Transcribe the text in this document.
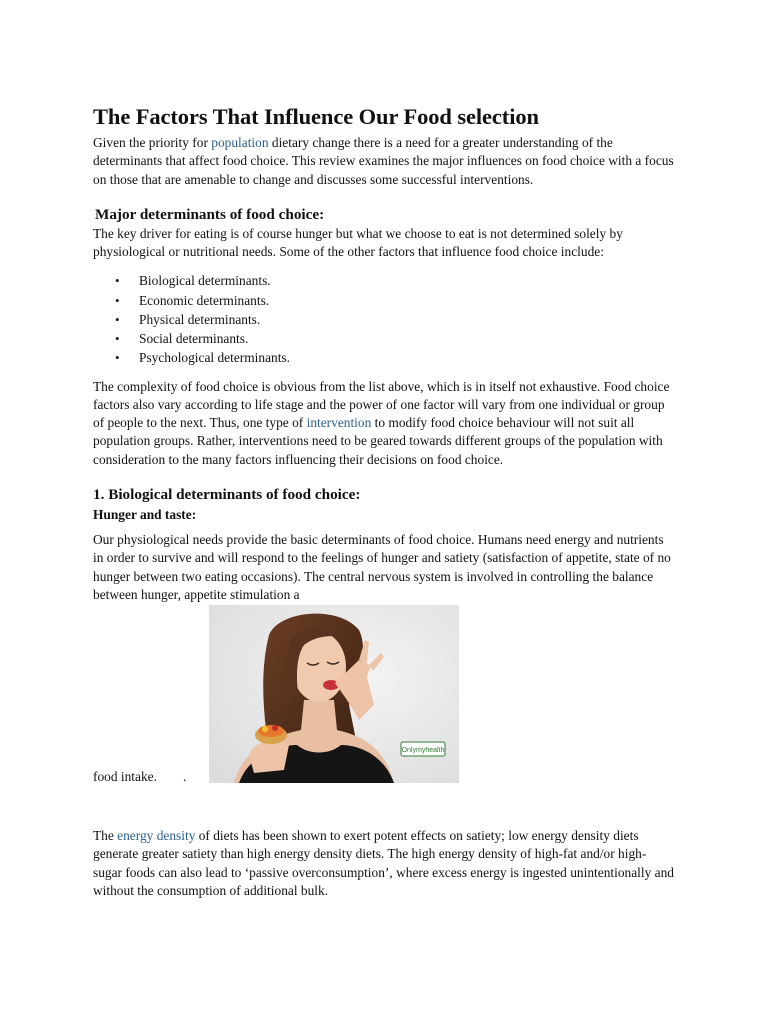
The Factors That Influence Our Food selection

Given the priority for population dietary change there is a need for a greater understanding of the determinants that affect food choice. This review examines the major influences on food choice with a focus on those that are amenable to change and discusses some successful interventions.

Major determinants of food choice:

The key driver for eating is of course hunger but what we choose to eat is not determined solely by physiological or nutritional needs. Some of the other factors that influence food choice include:

• Biological determinants.
• Economic determinants.
• Physical determinants.
• Social determinants.
• Psychological determinants.

The complexity of food choice is obvious from the list above, which is in itself not exhaustive. Food choice factors also vary according to life stage and the power of one factor will vary from one individual or group of people to the next. Thus, one type of intervention to modify food choice behaviour will not suit all population groups. Rather, interventions need to be geared towards different groups of the population with consideration to the many factors influencing their decisions on food choice.

1. Biological determinants of food choice:
Hunger and taste:

Our physiological needs provide the basic determinants of food choice. Humans need energy and nutrients in order to survive and will respond to the feelings of hunger and satiety (satisfaction of appetite, state of no hunger between two eating occasions). The central nervous system is involved in controlling the balance between hunger, appetite stimulation a

food intake. .
Onlymyhealth

The energy density of diets has been shown to exert potent effects on satiety; low energy density diets generate greater satiety than high energy density diets. The high energy density of high-fat and/or high-sugar foods can also lead to ‘passive overconsumption’, where excess energy is ingested unintentionally and without the consumption of additional bulk.
